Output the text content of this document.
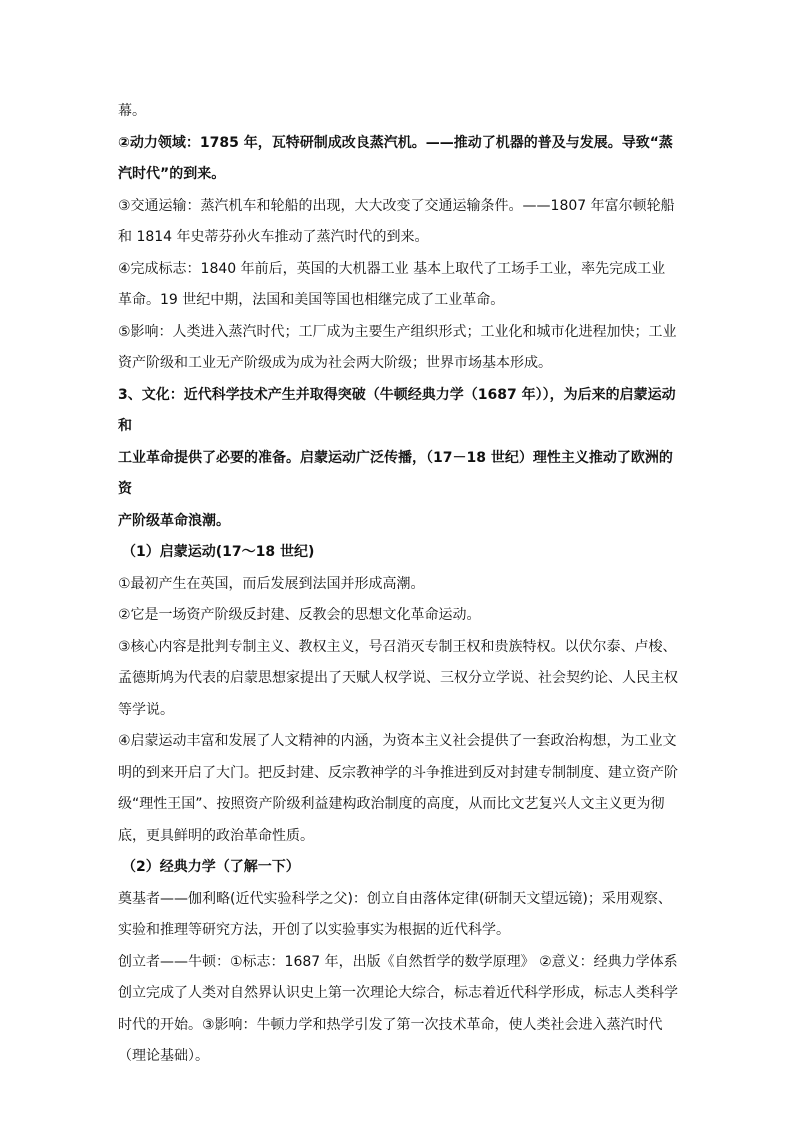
幕。
②动力领域：1785 年，瓦特研制成改良蒸汽机。——推动了机器的普及与发展。导致“蒸
汽时代”的到来。
③交通运输：蒸汽机车和轮船的出现，大大改变了交通运输条件。——1807 年富尔顿轮船
和 1814 年史蒂芬孙火车推动了蒸汽时代的到来。
④完成标志：1840 年前后，英国的大机器工业 基本上取代了工场手工业，率先完成工业
革命。19 世纪中期，法国和美国等国也相继完成了工业革命。
⑤影响：人类进入蒸汽时代；工厂成为主要生产组织形式；工业化和城市化进程加快；工业
资产阶级和工业无产阶级成为成为社会两大阶级；世界市场基本形成。
3、文化：近代科学技术产生并取得突破（牛顿经典力学（1687 年）），为后来的启蒙运动和
工业革命提供了必要的准备。启蒙运动广泛传播，（17－18 世纪）理性主义推动了欧洲的资
产阶级革命浪潮。
（1）启蒙运动(17～18 世纪)
①最初产生在英国，而后发展到法国并形成高潮。
②它是一场资产阶级反封建、反教会的思想文化革命运动。
③核心内容是批判专制主义、教权主义，号召消灭专制王权和贵族特权。以伏尔泰、卢梭、
孟德斯鸠为代表的启蒙思想家提出了天赋人权学说、三权分立学说、社会契约论、人民主权
等学说。
④启蒙运动丰富和发展了人文精神的内涵，为资本主义社会提供了一套政治构想，为工业文
明的到来开启了大门。把反封建、反宗教神学的斗争推进到反对封建专制制度、建立资产阶
级“理性王国”、按照资产阶级利益建构政治制度的高度，从而比文艺复兴人文主义更为彻
底，更具鲜明的政治革命性质。
（2）经典力学（了解一下）
奠基者——伽利略(近代实验科学之父)：创立自由落体定律(研制天文望远镜)；采用观察、
实验和推理等研究方法，开创了以实验事实为根据的近代科学。
创立者——牛顿：①标志：1687 年，出版《自然哲学的数学原理》 ②意义：经典力学体系
创立完成了人类对自然界认识史上第一次理论大综合，标志着近代科学形成，标志人类科学
时代的开始。③影响：牛顿力学和热学引发了第一次技术革命，使人类社会进入蒸汽时代
（理论基础）。
